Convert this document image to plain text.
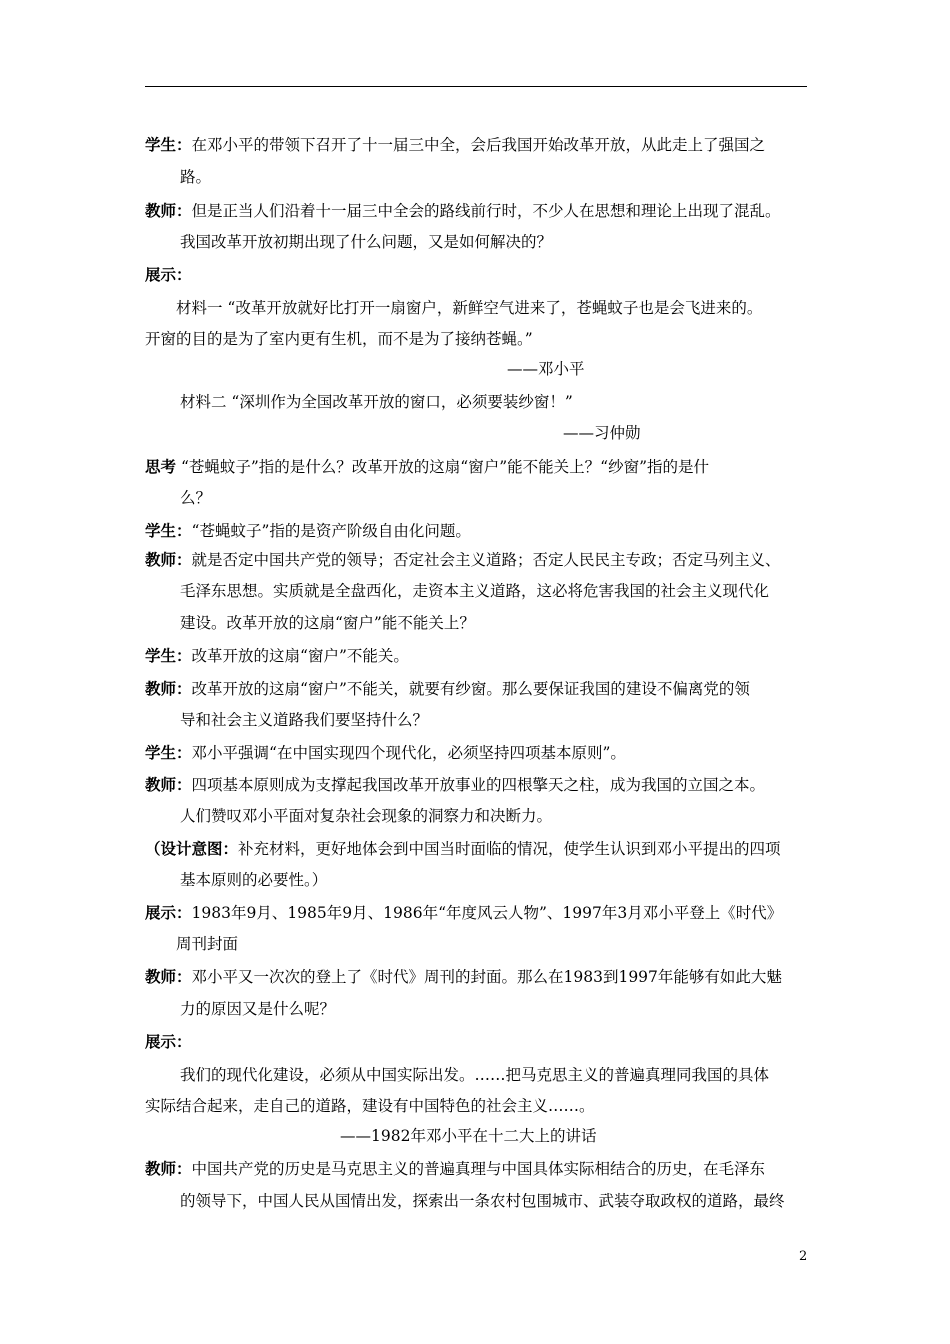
学生：在邓小平的带领下召开了十一届三中全，会后我国开始改革开放，从此走上了强国之
路。
教师：但是正当人们沿着十一届三中全会的路线前行时，不少人在思想和理论上出现了混乱。
我国改革开放初期出现了什么问题，又是如何解决的？
展示：
材料一 “改革开放就好比打开一扇窗户，新鲜空气进来了，苍蝇蚊子也是会飞进来的。
开窗的目的是为了室内更有生机，而不是为了接纳苍蝇。”
——邓小平
材料二 “深圳作为全国改革开放的窗口，必须要装纱窗！”
——习仲勋
思考 “苍蝇蚊子”指的是什么？改革开放的这扇“窗户”能不能关上？“纱窗”指的是什
么？
学生：“苍蝇蚊子”指的是资产阶级自由化问题。
教师：就是否定中国共产党的领导；否定社会主义道路；否定人民民主专政；否定马列主义、
毛泽东思想。实质就是全盘西化，走资本主义道路，这必将危害我国的社会主义现代化
建设。改革开放的这扇“窗户”能不能关上？
学生：改革开放的这扇“窗户”不能关。
教师：改革开放的这扇“窗户”不能关，就要有纱窗。那么要保证我国的建设不偏离党的领
导和社会主义道路我们要坚持什么？
学生：邓小平强调“在中国实现四个现代化，必须坚持四项基本原则”。
教师：四项基本原则成为支撑起我国改革开放事业的四根擎天之柱，成为我国的立国之本。
人们赞叹邓小平面对复杂社会现象的洞察力和决断力。
（设计意图：补充材料，更好地体会到中国当时面临的情况，使学生认识到邓小平提出的四项
基本原则的必要性。）
展示：1983年9月、1985年9月、1986年“年度风云人物”、1997年3月邓小平登上《时代》
周刊封面
教师：邓小平又一次次的登上了《时代》周刊的封面。那么在1983到1997年能够有如此大魅
力的原因又是什么呢？
展示：
我们的现代化建设，必须从中国实际出发。……把马克思主义的普遍真理同我国的具体
实际结合起来，走自己的道路，建设有中国特色的社会主义……。
——1982年邓小平在十二大上的讲话
教师：中国共产党的历史是马克思主义的普遍真理与中国具体实际相结合的历史，在毛泽东
的领导下，中国人民从国情出发，探索出一条农村包围城市、武装夺取政权的道路，最终
2
